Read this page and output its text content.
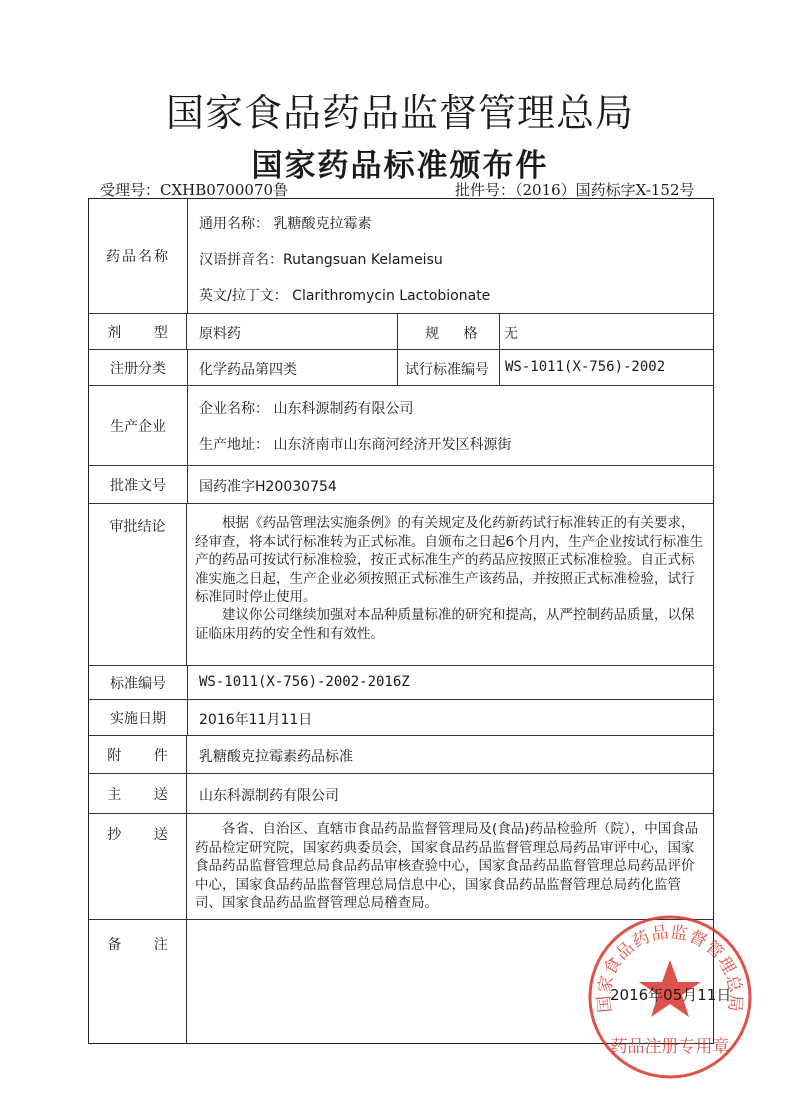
国家食品药品监督管理总局
国家药品标准颁布件
受理号：CXHB0700070鲁	批件号：（2016）国药标字X-152号
药品名称
通用名称： 乳糖酸克拉霉素
汉语拼音名：Rutangsuan Kelameisu
英文/拉丁文： Clarithromycin Lactobionate
剂 型	原料药	规 格 无
注册分类	化学药品第四类	试行标准编号 WS-1011(X-756)-2002
生产企业
企业名称： 山东科源制药有限公司
生产地址： 山东济南市山东商河经济开发区科源街
批准文号	国药准字H20030754
审批结论	根据《药品管理法实施条例》的有关规定及化药新药试行标准转正的有关要求，经审查，将本试行标准转为正式标准。自颁布之日起6个月内，生产企业按试行标准生产的药品可按试行标准检验，按正式标准生产的药品应按照正式标准检验。自正式标准实施之日起，生产企业必须按照正式标准生产该药品，并按照正式标准检验，试行标准同时停止使用。
建议你公司继续加强对本品种质量标准的研究和提高，从严控制药品质量，以保证临床用药的安全性和有效性。
标准编号	WS-1011(X-756)-2002-2016Z
实施日期	2016年11月11日
附 件	乳糖酸克拉霉素药品标准
主 送	山东科源制药有限公司
抄 送	各省、自治区、直辖市食品药品监督管理局及(食品)药品检验所（院），中国食品药品检定研究院，国家药典委员会，国家食品药品监督管理总局药品审评中心，国家食品药品监督管理总局食品药品审核查验中心，国家食品药品监督管理总局药品评价中心，国家食品药品监督管理总局信息中心，国家食品药品监督管理总局药化监管司、国家食品药品监督管理总局稽查局。
备 注
国家食品药品监督管理总局
药品注册专用章
2016年05月11日
